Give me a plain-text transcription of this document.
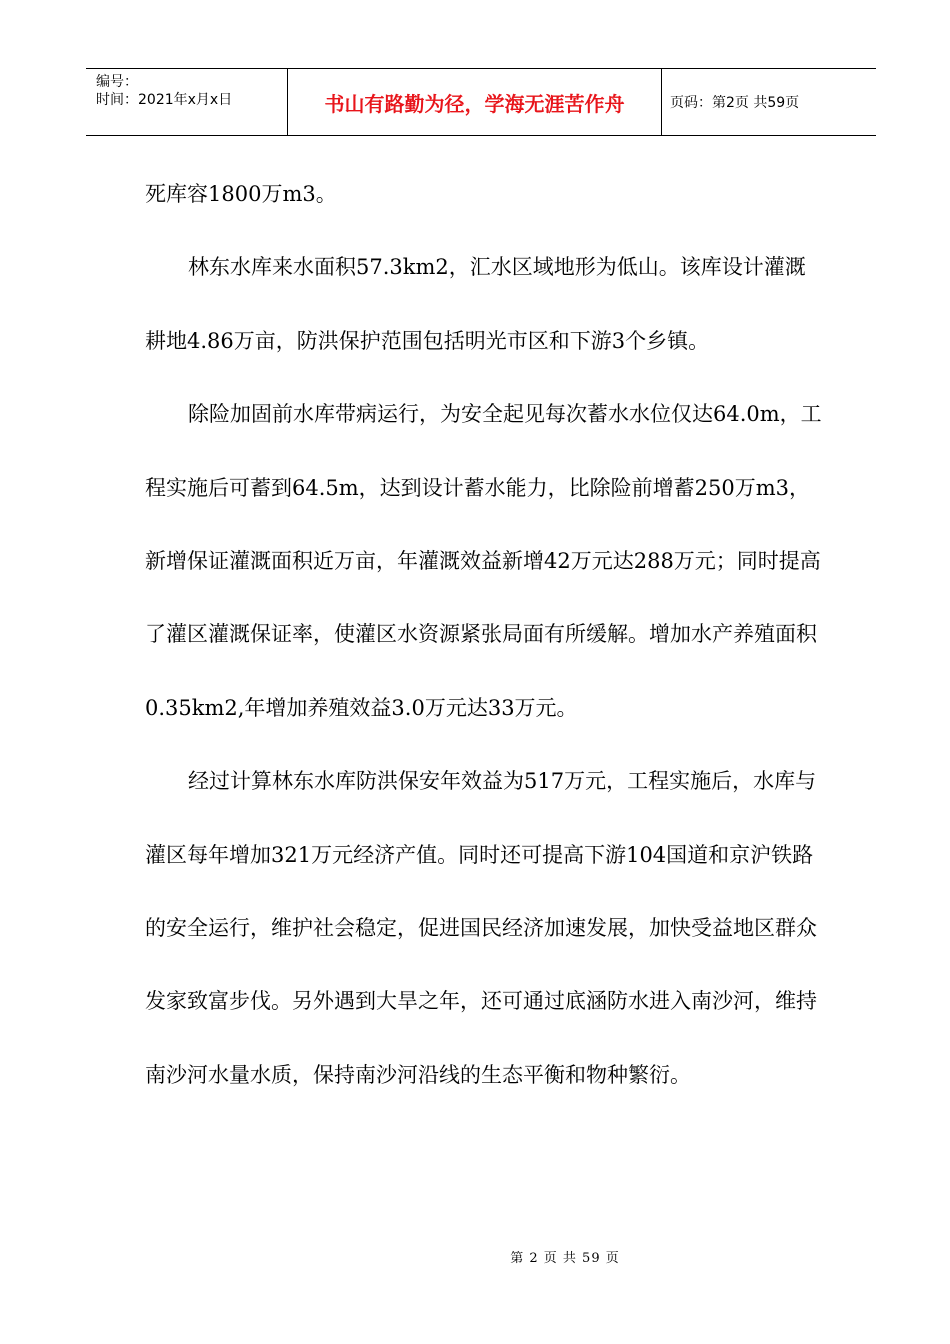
编号：
时间：2021年x月x日	书山有路勤为径，学海无涯苦作舟	页码：第2页 共59页

死库容1800万m3。

林东水库来水面积57.3km2，汇水区域地形为低山。该库设计灌溉耕地4.86万亩，防洪保护范围包括明光市区和下游3个乡镇。

除险加固前水库带病运行，为安全起见每次蓄水水位仅达64.0m，工程实施后可蓄到64.5m，达到设计蓄水能力，比除险前增蓄250万m3，新增保证灌溉面积近万亩，年灌溉效益新增42万元达288万元；同时提高了灌区灌溉保证率，使灌区水资源紧张局面有所缓解。增加水产养殖面积0.35km2,年增加养殖效益3.0万元达33万元。

经过计算林东水库防洪保安年效益为517万元，工程实施后，水库与灌区每年增加321万元经济产值。同时还可提高下游104国道和京沪铁路的安全运行，维护社会稳定，促进国民经济加速发展，加快受益地区群众发家致富步伐。另外遇到大旱之年，还可通过底涵防水进入南沙河，维持南沙河水量水质，保持南沙河沿线的生态平衡和物种繁衍。

第 2 页 共 59 页
